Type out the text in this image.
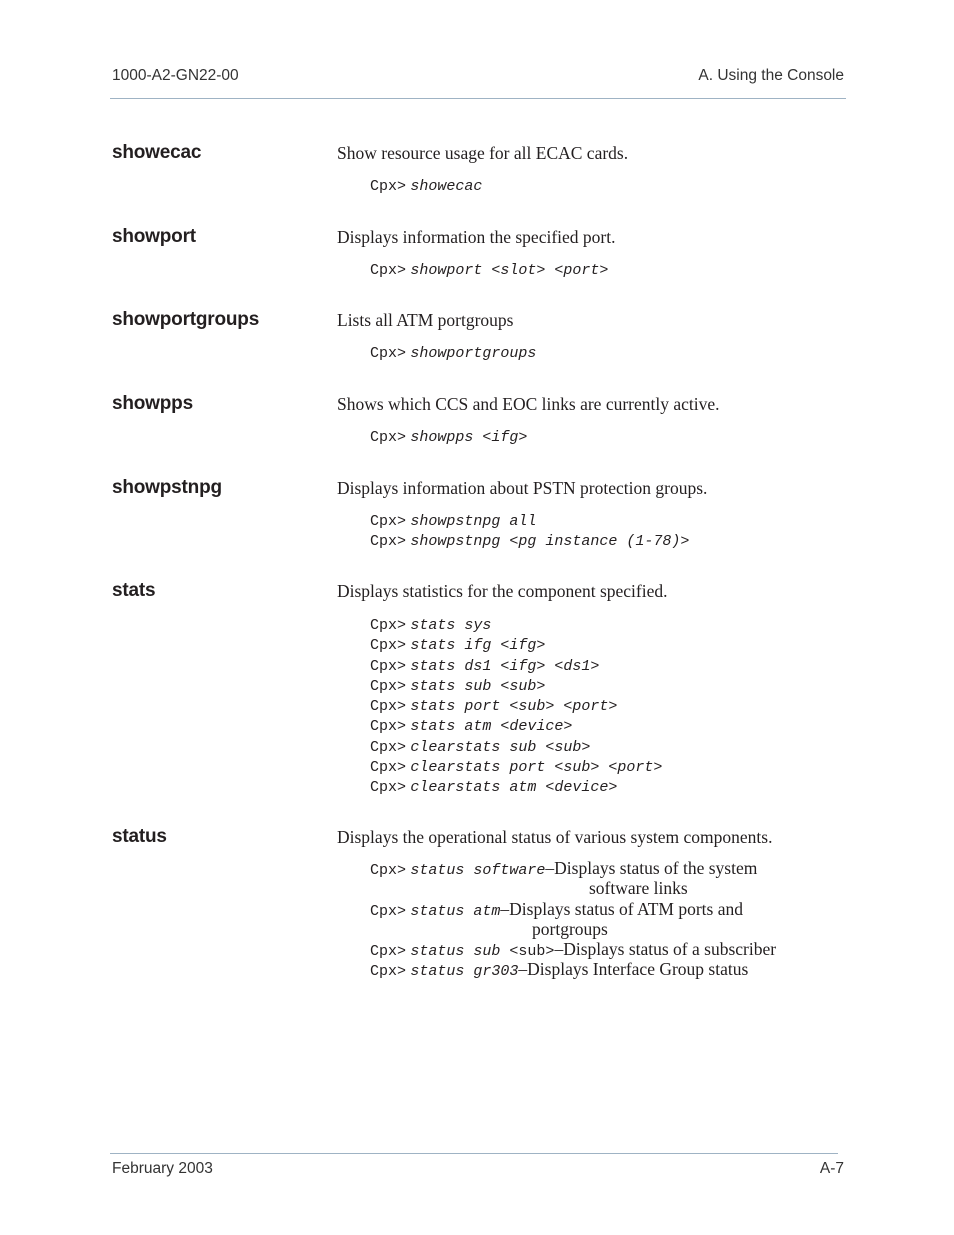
1000-A2-GN22-00	A. Using the Console
showecac	Show resource usage for all ECAC cards.
Cpx> showecac
showport	Displays information the specified port.
Cpx> showport <slot> <port>
showportgroups	Lists all ATM portgroups
Cpx> showportgroups
showpps	Shows which CCS and EOC links are currently active.
Cpx> showpps <ifg>
showpstnpg	Displays information about PSTN protection groups.
Cpx> showpstnpg all
Cpx> showpstnpg <pg instance (1-78)>
stats	Displays statistics for the component specified.
Cpx> stats sys
Cpx> stats ifg <ifg>
Cpx> stats ds1 <ifg> <ds1>
Cpx> stats sub <sub>
Cpx> stats port <sub> <port>
Cpx> stats atm <device>
Cpx> clearstats sub <sub>
Cpx> clearstats port <sub> <port>
Cpx> clearstats atm <device>
status	Displays the operational status of various system components.
Cpx> status software–Displays status of the system
software links
Cpx> status atm–Displays status of ATM ports and
portgroups
Cpx> status sub <sub>–Displays status of a subscriber
Cpx> status gr303–Displays Interface Group status
February 2003	A-7
